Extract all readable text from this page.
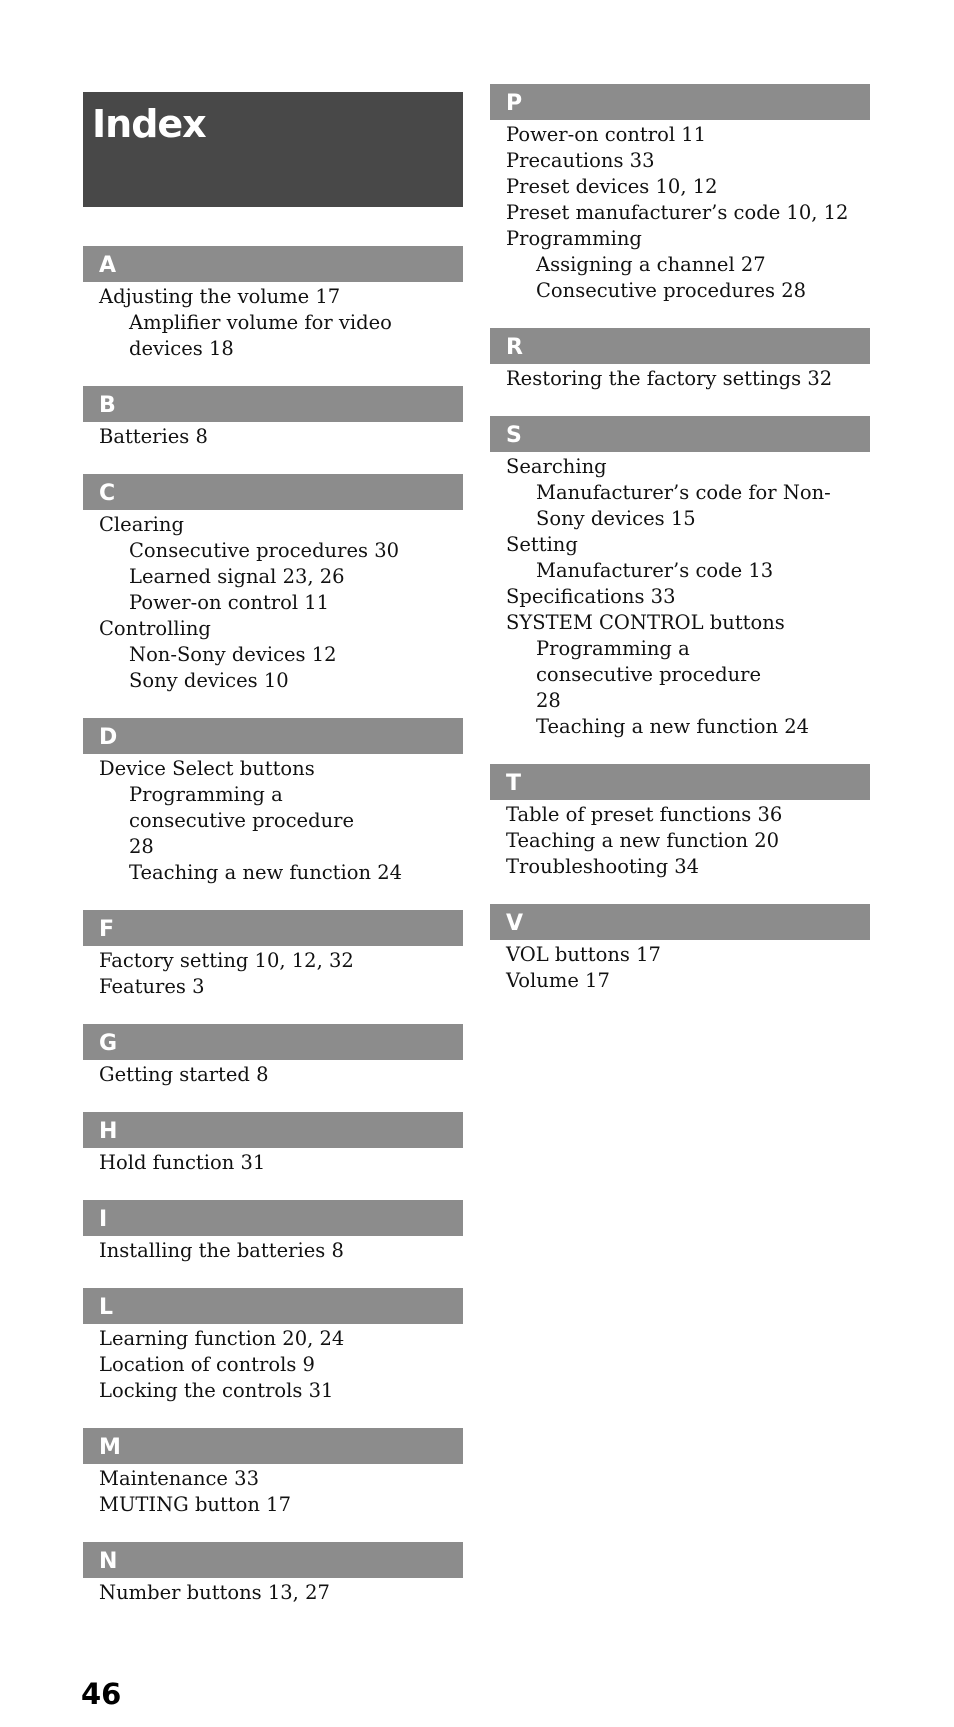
Index
A
Adjusting the volume 17
Amplifier volume for video devices 18
B
Batteries 8
C
Clearing
Consecutive procedures 30
Learned signal 23, 26
Power-on control 11
Controlling
Non-Sony devices 12
Sony devices 10
D
Device Select buttons
Programming a consecutive procedure 28
Teaching a new function 24
F
Factory setting 10, 12, 32
Features 3
G
Getting started 8
H
Hold function 31
I
Installing the batteries 8
L
Learning function 20, 24
Location of controls 9
Locking the controls 31
M
Maintenance 33
MUTING button 17
N
Number buttons 13, 27
P
Power-on control 11
Precautions 33
Preset devices 10, 12
Preset manufacturer’s code 10, 12
Programming
Assigning a channel 27
Consecutive procedures 28
R
Restoring the factory settings 32
S
Searching
Manufacturer’s code for Non-Sony devices 15
Setting
Manufacturer’s code 13
Specifications 33
SYSTEM CONTROL buttons
Programming a consecutive procedure 28
Teaching a new function 24
T
Table of preset functions 36
Teaching a new function 20
Troubleshooting 34
V
VOL buttons 17
Volume 17
46
